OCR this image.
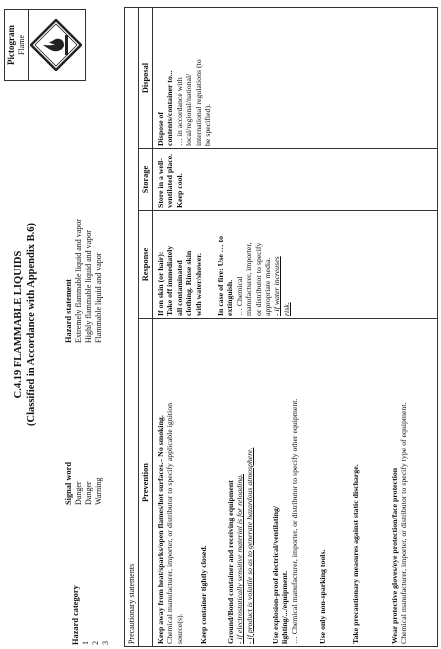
C.4.19 FLAMMABLE LIQUIDS (Classified in Accordance with Appendix B.6)
Pictogram Flame
Hazard category
Signal word
Hazard statement
1
Danger
Extremely flammable liquid and vapor
2
Danger
Highly flammable liquid and vapor
3
Warning
Flammable liquid and vapor
Precautionary statements
Prevention
Response
Storage
Disposal
Keep away from heat/sparks/open flames/hot surfaces.– No smoking. Chemical manufacturer, importer, or distributor to specify applicable ignition source(s). Keep container tightly closed. Ground/Bond container and receiving equipment - if electrostatically sensitive material is for reloading. - if product is volatile so as to generate hazardous atmosphere. Use explosion-proof electrical/ventilating/ lighting/.../equipment. … Chemical manufacturer, importer, or distributor to specify other equipment. Use only non-sparking tools.	Take precautionary measures against static discharge.	Wear protective gloves/eye protection/face protection Chemical manufacturer, importer, or distributor to specify type of equipment.
If on skin (or hair): Take off immediately all contaminated clothing. Rinse skin with water/shower. In case of fire: Use … to extinguish. … Chemical manufacturer, importer, or distributor to specify appropriate media. - if water increases risk.
Store in a well- ventilated place. Keep cool.
Dispose of contents/container to... … in accordance with local/regional/national/ international regulations (to be specified).
